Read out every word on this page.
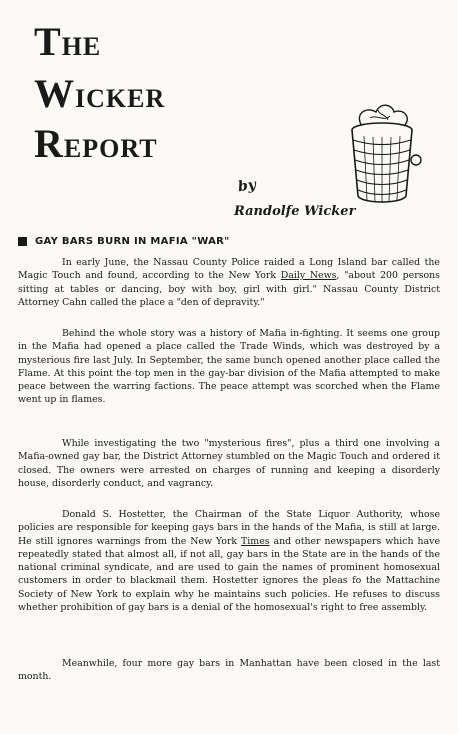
THE
WICKER
REPORT
by
Randolfe Wicker
GAY BARS BURN IN MAFIA "WAR"

In early June, the Nassau County Police raided a Long Island bar called the Magic Touch and found, according to the New York Daily News, "about 200 persons sitting at tables or dancing, boy with boy, girl with girl." Nassau County District Attorney Cahn called the place a "den of depravity."

Behind the whole story was a history of Mafia in-fighting. It seems one group in the Mafia had opened a place called the Trade Winds, which was destroyed by a mysterious fire last July. In September, the same bunch opened another place called the Flame. At this point the top men in the gay-bar division of the Mafia attempted to make peace between the warring factions. The peace attempt was scorched when the Flame went up in flames.

While investigating the two "mysterious fires", plus a third one involving a Mafia-owned gay bar, the District Attorney stumbled on the Magic Touch and ordered it closed. The owners were arrested on charges of running and keeping a disorderly house, disorderly conduct, and vagrancy.

Donald S. Hostetter, the Chairman of the State Liquor Authority, whose policies are responsible for keeping gays bars in the hands of the Mafia, is still at large. He still ignores warnings from the New York Times and other newspapers which have repeatedly stated that almost all, if not all, gay bars in the State are in the hands of the national criminal syndicate, and are used to gain the names of prominent homosexual customers in order to blackmail them. Hostetter ignores the pleas fo the Mattachine Society of New York to explain why he maintains such policies. He refuses to discuss whether prohibition of gay bars is a denial of the homosexual's right to free assembly.

Meanwhile, four more gay bars in Manhattan have been closed in the last month.
